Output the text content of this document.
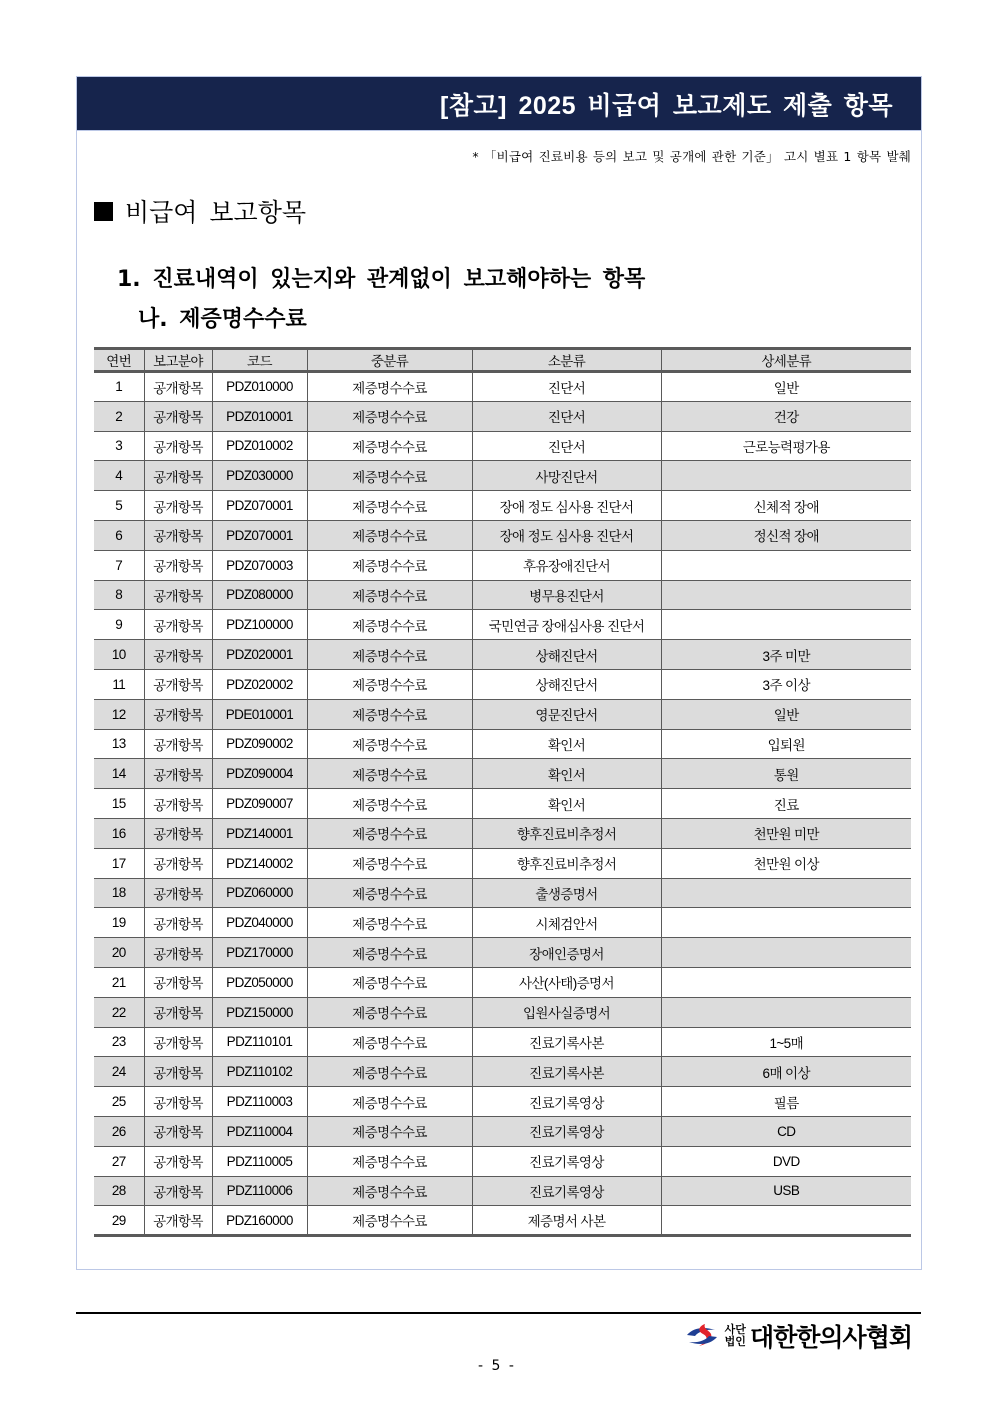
[참고] 2025 비급여 보고제도 제출 항목
* 「비급여 진료비용 등의 보고 및 공개에 관한 기준」 고시 별표 1 항목 발췌
비급여 보고항목
1. 진료내역이 있는지와 관계없이 보고해야하는 항목
나. 제증명수수료
연번	보고분야	코드	중분류	소분류	상세분류
1	공개항목	PDZ010000	제증명수수료	진단서	일반
2	공개항목	PDZ010001	제증명수수료	진단서	건강
3	공개항목	PDZ010002	제증명수수료	진단서	근로능력평가용
4	공개항목	PDZ030000	제증명수수료	사망진단서	
5	공개항목	PDZ070001	제증명수수료	장애 정도 심사용 진단서	신체적 장애
6	공개항목	PDZ070001	제증명수수료	장애 정도 심사용 진단서	정신적 장애
7	공개항목	PDZ070003	제증명수수료	후유장애진단서	
8	공개항목	PDZ080000	제증명수수료	병무용진단서	
9	공개항목	PDZ100000	제증명수수료	국민연금 장애심사용 진단서	
10	공개항목	PDZ020001	제증명수수료	상해진단서	3주 미만
11	공개항목	PDZ020002	제증명수수료	상해진단서	3주 이상
12	공개항목	PDE010001	제증명수수료	영문진단서	일반
13	공개항목	PDZ090002	제증명수수료	확인서	입퇴원
14	공개항목	PDZ090004	제증명수수료	확인서	통원
15	공개항목	PDZ090007	제증명수수료	확인서	진료
16	공개항목	PDZ140001	제증명수수료	향후진료비추정서	천만원 미만
17	공개항목	PDZ140002	제증명수수료	향후진료비추정서	천만원 이상
18	공개항목	PDZ060000	제증명수수료	출생증명서	
19	공개항목	PDZ040000	제증명수수료	시체검안서	
20	공개항목	PDZ170000	제증명수수료	장애인증명서	
21	공개항목	PDZ050000	제증명수수료	사산(사태)증명서	
22	공개항목	PDZ150000	제증명수수료	입원사실증명서	
23	공개항목	PDZ110101	제증명수수료	진료기록사본	1~5매
24	공개항목	PDZ110102	제증명수수료	진료기록사본	6매 이상
25	공개항목	PDZ110003	제증명수수료	진료기록영상	필름
26	공개항목	PDZ110004	제증명수수료	진료기록영상	CD
27	공개항목	PDZ110005	제증명수수료	진료기록영상	DVD
28	공개항목	PDZ110006	제증명수수료	진료기록영상	USB
29	공개항목	PDZ160000	제증명수수료	제증명서 사본	
사단
법인 대한한의사협회
- 5 -
